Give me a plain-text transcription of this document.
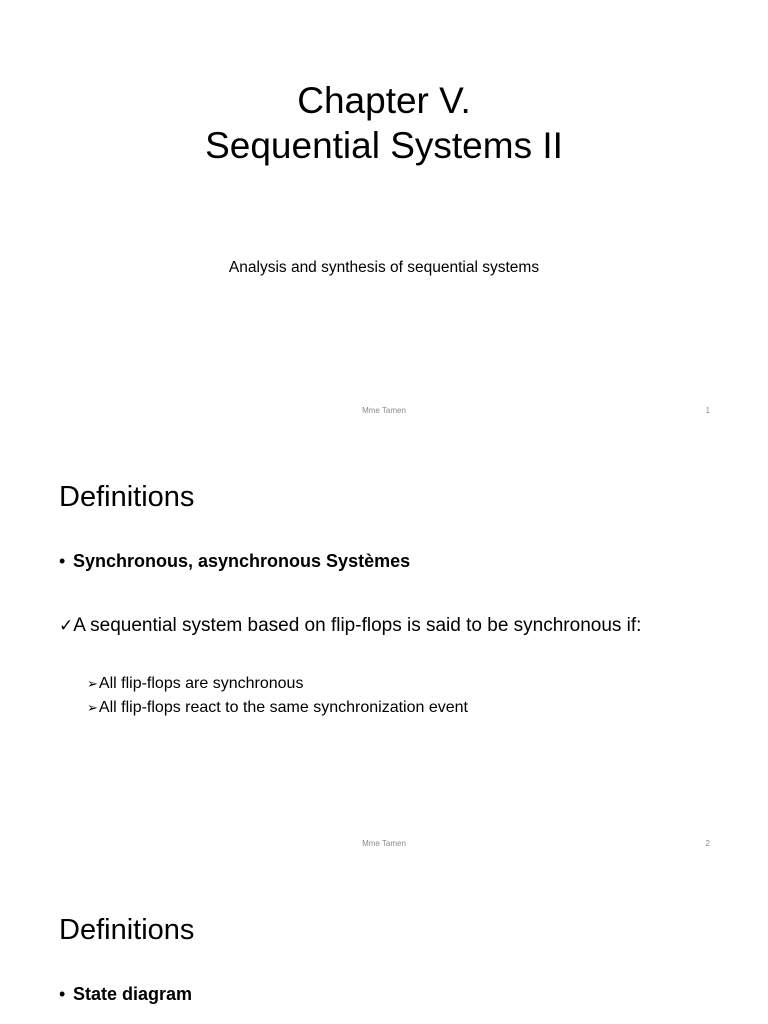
Chapter V.
Sequential Systems II
Analysis and synthesis of sequential systems
Mme Tamen	1
Definitions
• Synchronous, asynchronous Systèmes
✓A sequential system based on flip-flops is said to be synchronous if:
➢All flip-flops are synchronous
➢All flip-flops react to the same synchronization event
Mme Tamen	2
Definitions
• State diagram
